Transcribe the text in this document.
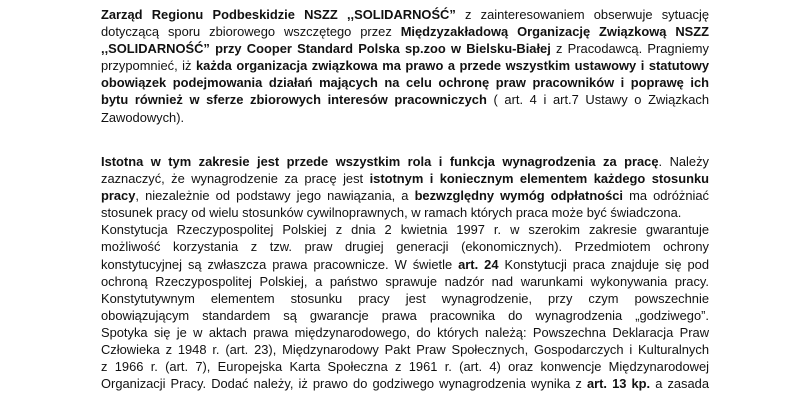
Zarząd Regionu Podbeskidzie NSZZ ,,SOLIDARNOŚĆ” z zainteresowaniem obserwuje sytuację
dotyczącą sporu zbiorowego wszczętego przez Międzyzakładową Organizację Związkową NSZZ
,,SOLIDARNOŚĆ” przy Cooper Standard Polska sp.zoo w Bielsku-Białej z Pracodawcą. Pragniemy
przypomnieć, iż każda organizacja związkowa ma prawo a przede wszystkim ustawowy i statutowy
obowiązek podejmowania działań mających na celu ochronę praw pracowników i poprawę ich
bytu również w sferze zbiorowych interesów pracowniczych ( art. 4 i art.7 Ustawy o Związkach
Zawodowych).
Istotna w tym zakresie jest przede wszystkim rola i funkcja wynagrodzenia za pracę. Należy
zaznaczyć, że wynagrodzenie za pracę jest istotnym i koniecznym elementem każdego stosunku
pracy, niezależnie od podstawy jego nawiązania, a bezwzględny wymóg odpłatności ma odróżniać
stosunek pracy od wielu stosunków cywilnoprawnych, w ramach których praca może być świadczona.
Konstytucja Rzeczypospolitej Polskiej z dnia 2 kwietnia 1997 r. w szerokim zakresie gwarantuje
możliwość korzystania z tzw. praw drugiej generacji (ekonomicznych). Przedmiotem ochrony
konstytucyjnej są zwłaszcza prawa pracownicze. W świetle art. 24 Konstytucji praca znajduje się pod
ochroną Rzeczypospolitej Polskiej, a państwo sprawuje nadzór nad warunkami wykonywania pracy.
Konstytutywnym elementem stosunku pracy jest wynagrodzenie, przy czym powszechnie
obowiązującym standardem są gwarancje prawa pracownika do wynagrodzenia „godziwego”.
Spotyka się je w aktach prawa międzynarodowego, do których należą: Powszechna Deklaracja Praw
Człowieka z 1948 r. (art. 23), Międzynarodowy Pakt Praw Społecznych, Gospodarczych i Kulturalnych
z 1966 r. (art. 7), Europejska Karta Społeczna z 1961 r. (art. 4) oraz konwencje Międzynarodowej
Organizacji Pracy. Dodać należy, iż prawo do godziwego wynagrodzenia wynika z art. 13 kp. a zasada
